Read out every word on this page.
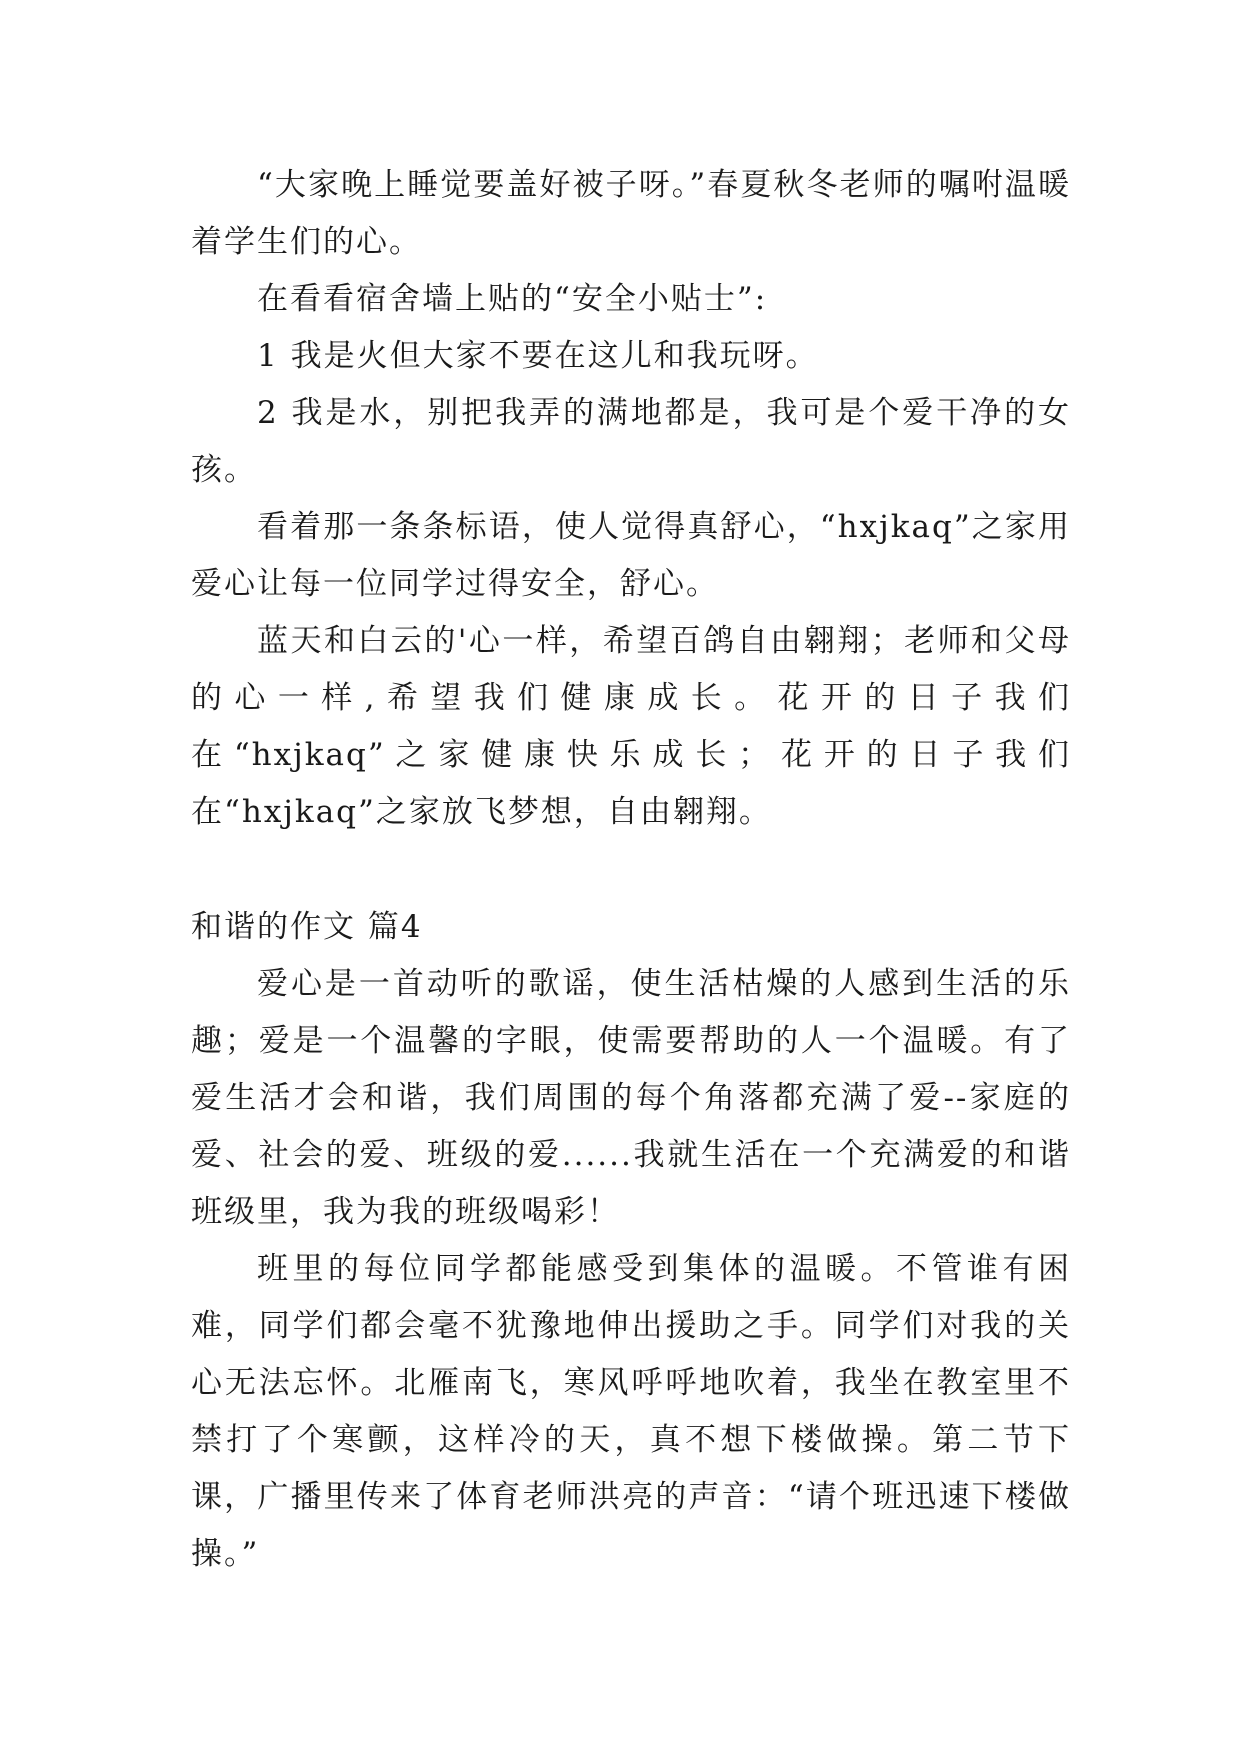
“大家晚上睡觉要盖好被子呀。”春夏秋冬老师的嘱咐温暖着学生们的心。

在看看宿舍墙上贴的“安全小贴士”:

1 我是火但大家不要在这儿和我玩呀。

2 我是水，别把我弄的满地都是，我可是个爱干净的女孩。

看着那一条条标语，使人觉得真舒心，“hxjkaq”之家用爱心让每一位同学过得安全，舒心。

蓝天和白云的'心一样，希望百鸽自由翱翔；老师和父母的心一样,希望我们健康成长。花开的日子我们在“hxjkaq”之家健康快乐成长；花开的日子我们在“hxjkaq”之家放飞梦想，自由翱翔。

和谐的作文 篇4

爱心是一首动听的歌谣，使生活枯燥的人感到生活的乐趣；爱是一个温馨的字眼，使需要帮助的人一个温暖。有了爱生活才会和谐，我们周围的每个角落都充满了爱--家庭的爱、社会的爱、班级的爱......我就生活在一个充满爱的和谐班级里，我为我的班级喝彩！

班里的每位同学都能感受到集体的温暖。不管谁有困难，同学们都会毫不犹豫地伸出援助之手。同学们对我的关心无法忘怀。北雁南飞，寒风呼呼地吹着，我坐在教室里不禁打了个寒颤，这样冷的天，真不想下楼做操。第二节下课，广播里传来了体育老师洪亮的声音：“请个班迅速下楼做操。”
